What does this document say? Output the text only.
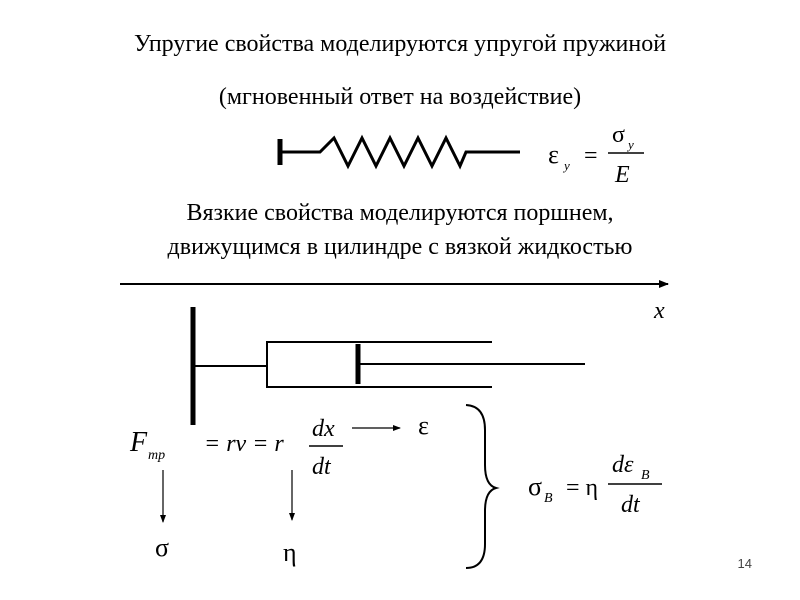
Упругие свойства моделируются упругой пружиной
(мгновенный ответ на воздействие)
Вязкие свойства моделируются поршнем,
движущимся в цилиндре с вязкой жидкостью
14
ε у =
σ у
E
x
F тр = rv = r
dx
dt
ε
σ	η
σ В = η
dε В
dt
